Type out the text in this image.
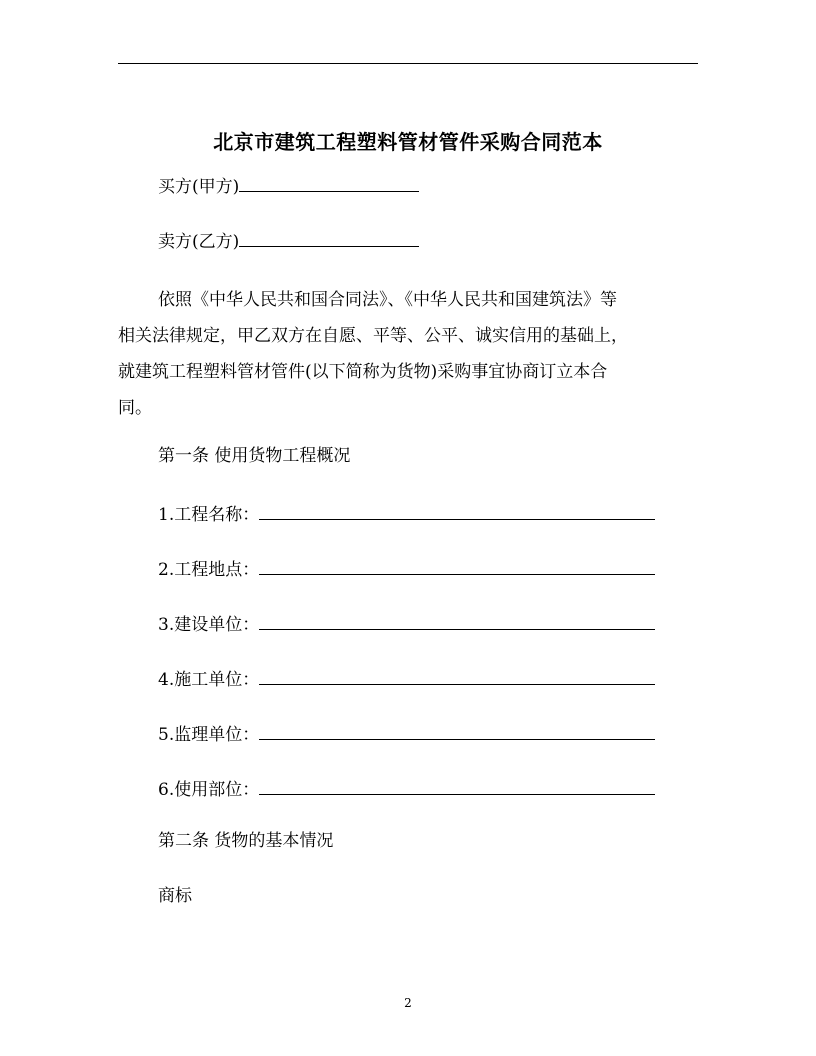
北京市建筑工程塑料管材管件采购合同范本
买方(甲方)
卖方(乙方)
依照《中华人民共和国合同法》、《中华人民共和国建筑法》等
相关法律规定，甲乙双方在自愿、平等、公平、诚实信用的基础上，
就建筑工程塑料管材管件(以下简称为货物)采购事宜协商订立本合
同。
第一条 使用货物工程概况
1.工程名称：
2.工程地点：
3.建设单位：
4.施工单位：
5.监理单位：
6.使用部位：
第二条 货物的基本情况
商标
2
